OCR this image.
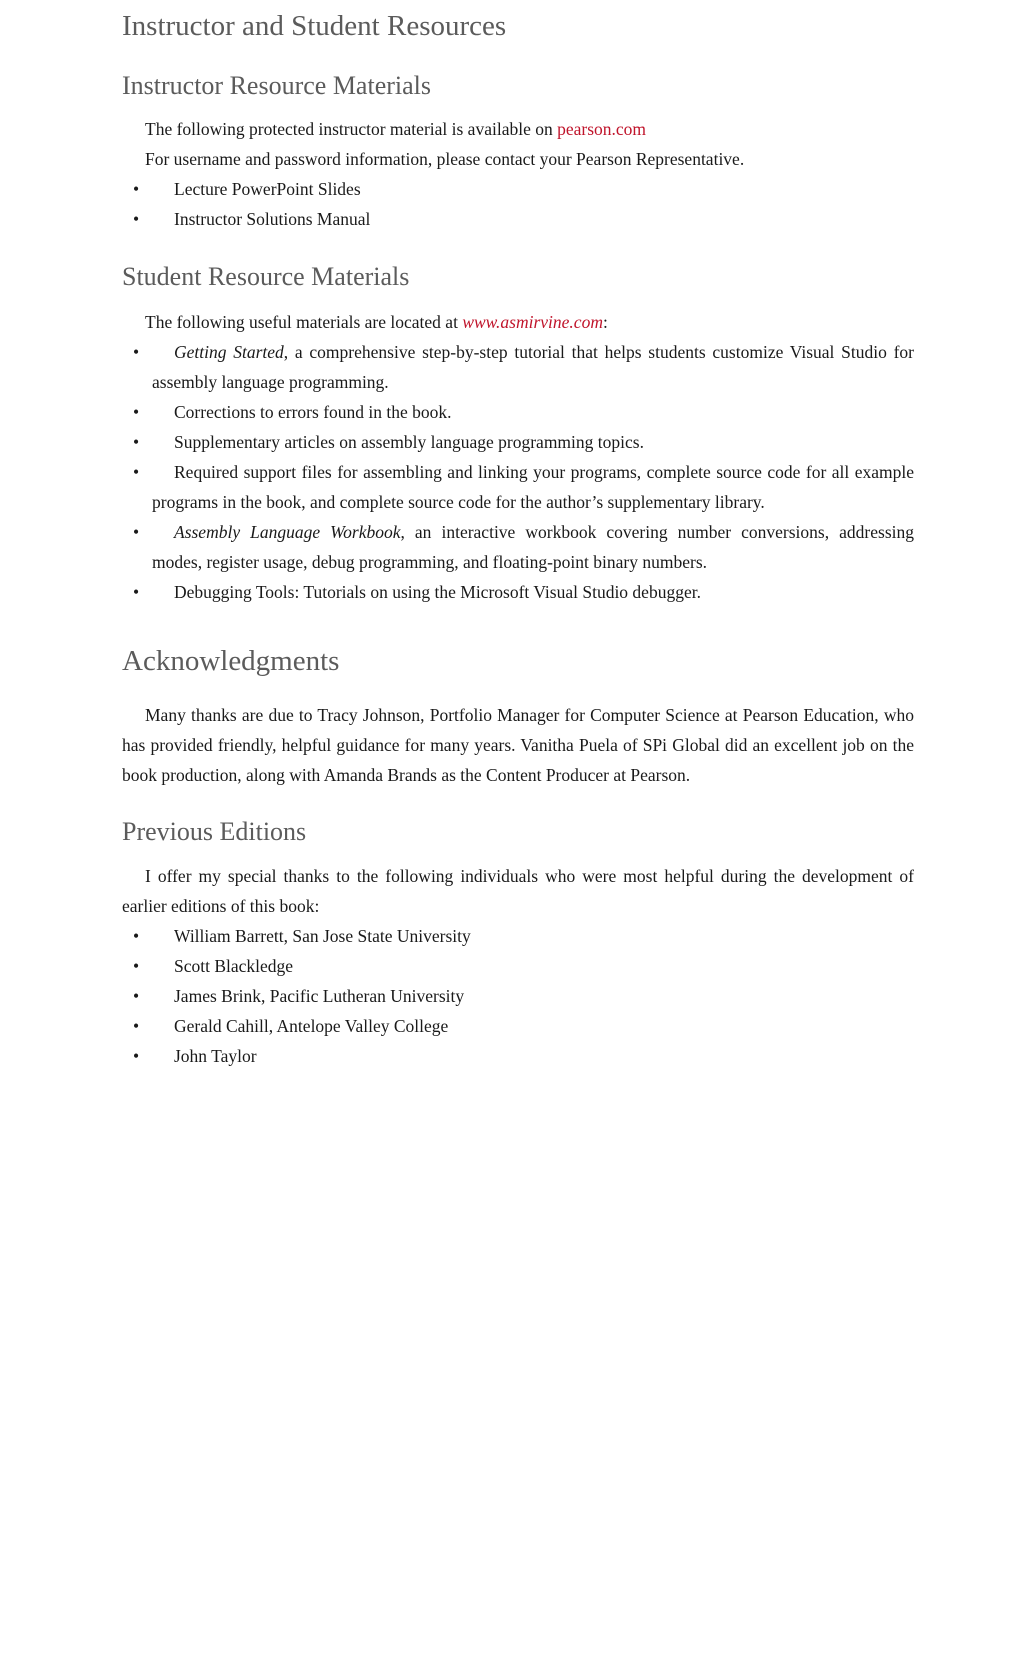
Instructor and Student Resources
Instructor Resource Materials

The following protected instructor material is available on pearson.com

For username and password information, please contact your Pearson Representative.

• Lecture PowerPoint Slides
• Instructor Solutions Manual
Student Resource Materials

The following useful materials are located at www.asmirvine.com:

• Getting Started, a comprehensive step-by-step tutorial that helps students customize Visual Studio for assembly language programming.
• Corrections to errors found in the book.
• Supplementary articles on assembly language programming topics.
• Required support files for assembling and linking your programs, complete source code for all example programs in the book, and complete source code for the author’s supplementary library.
• Assembly Language Workbook, an interactive workbook covering number conversions, addressing modes, register usage, debug programming, and floating-point binary numbers.
• Debugging Tools: Tutorials on using the Microsoft Visual Studio debugger.
Acknowledgments

Many thanks are due to Tracy Johnson, Portfolio Manager for Computer Science at Pearson Education, who has provided friendly, helpful guidance for many years. Vanitha Puela of SPi Global did an excellent job on the book production, along with Amanda Brands as the Content Producer at Pearson.

Previous Editions

I offer my special thanks to the following individuals who were most helpful during the development of earlier editions of this book:

• William Barrett, San Jose State University
• Scott Blackledge
• James Brink, Pacific Lutheran University
• Gerald Cahill, Antelope Valley College
• John Taylor
